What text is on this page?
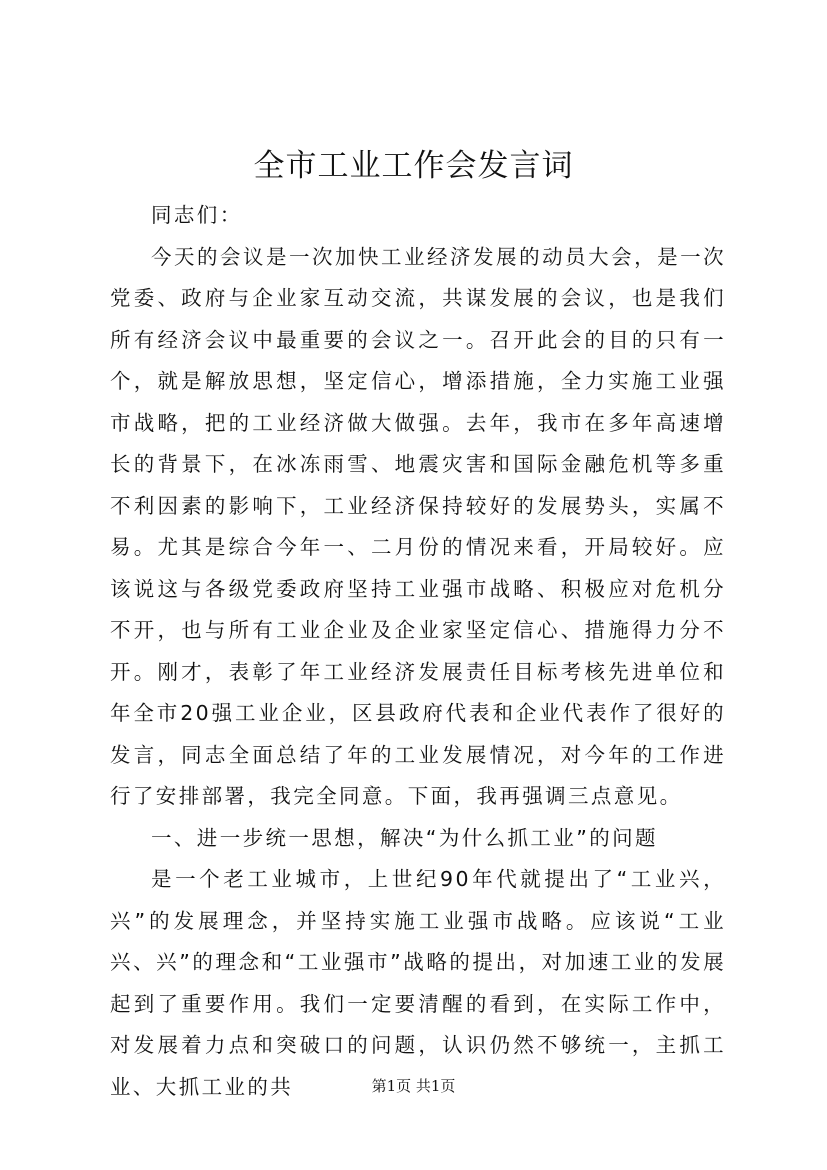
全市工业工作会发言词

同志们：

今天的会议是一次加快工业经济发展的动员大会，是一次党委、政府与企业家互动交流，共谋发展的会议，也是我们所有经济会议中最重要的会议之一。召开此会的目的只有一个，就是解放思想，坚定信心，增添措施，全力实施工业强市战略，把的工业经济做大做强。去年，我市在多年高速增长的背景下，在冰冻雨雪、地震灾害和国际金融危机等多重不利因素的影响下，工业经济保持较好的发展势头，实属不易。尤其是综合今年一、二月份的情况来看，开局较好。应该说这与各级党委政府坚持工业强市战略、积极应对危机分不开，也与所有工业企业及企业家坚定信心、措施得力分不开。刚才，表彰了年工业经济发展责任目标考核先进单位和年全市20强工业企业，区县政府代表和企业代表作了很好的发言，同志全面总结了年的工业发展情况，对今年的工作进行了安排部署，我完全同意。下面，我再强调三点意见。

一、进一步统一思想，解决“为什么抓工业”的问题

是一个老工业城市，上世纪90年代就提出了“工业兴，兴”的发展理念，并坚持实施工业强市战略。应该说“工业兴、兴”的理念和“工业强市”战略的提出，对加速工业的发展起到了重要作用。我们一定要清醒的看到，在实际工作中，对发展着力点和突破口的问题，认识仍然不够统一，主抓工业、大抓工业的共	第1页 共1页
